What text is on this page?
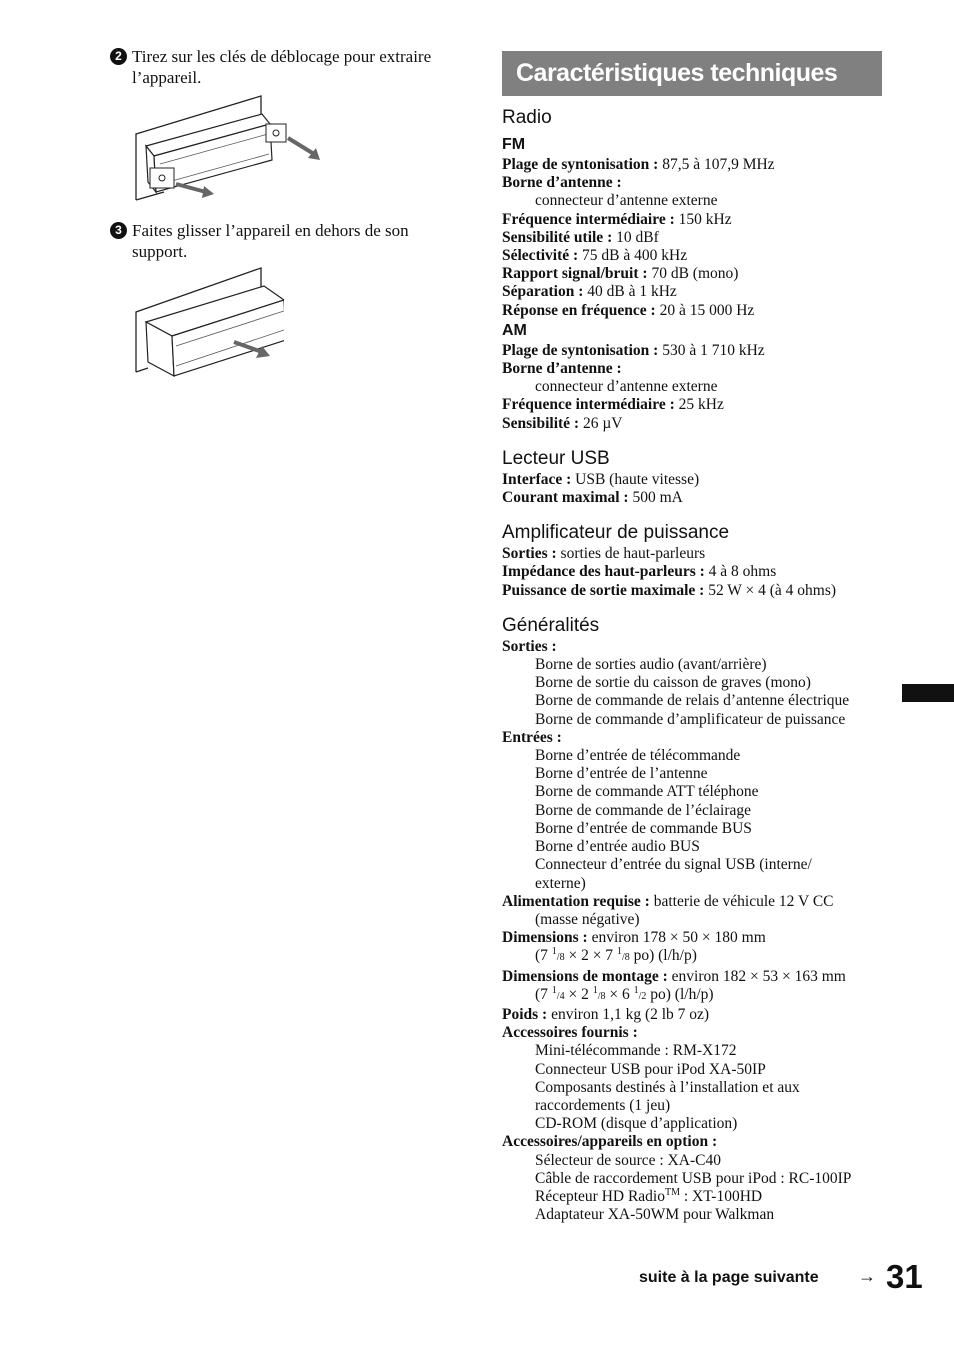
2 Tirez sur les clés de déblocage pour extraire l’appareil.
3 Faites glisser l’appareil en dehors de son support.
Caractéristiques techniques
Radio
FM
Plage de syntonisation : 87,5 à 107,9 MHz
Borne d’antenne :
connecteur d’antenne externe
Fréquence intermédiaire : 150 kHz
Sensibilité utile : 10 dBf
Sélectivité : 75 dB à 400 kHz
Rapport signal/bruit : 70 dB (mono)
Séparation : 40 dB à 1 kHz
Réponse en fréquence : 20 à 15 000 Hz
AM
Plage de syntonisation : 530 à 1 710 kHz
Borne d’antenne :
connecteur d’antenne externe
Fréquence intermédiaire : 25 kHz
Sensibilité : 26 µV
Lecteur USB
Interface : USB (haute vitesse)
Courant maximal : 500 mA
Amplificateur de puissance
Sorties : sorties de haut-parleurs
Impédance des haut-parleurs : 4 à 8 ohms
Puissance de sortie maximale : 52 W × 4 (à 4 ohms)
Généralités
Sorties :
Borne de sorties audio (avant/arrière)
Borne de sortie du caisson de graves (mono)
Borne de commande de relais d’antenne électrique
Borne de commande d’amplificateur de puissance
Entrées :
Borne d’entrée de télécommande
Borne d’entrée de l’antenne
Borne de commande ATT téléphone
Borne de commande de l’éclairage
Borne d’entrée de commande BUS
Borne d’entrée audio BUS
Connecteur d’entrée du signal USB (interne/
externe)
Alimentation requise : batterie de véhicule 12 V CC
(masse négative)
Dimensions : environ 178 × 50 × 180 mm
(7 $^1$/8 × 2 × 7 $^1$/8 po) (l/h/p)
Dimensions de montage : environ 182 × 53 × 163 mm
(7 $^1$/4 × 2 $^1$/8 × 6 $^1$/2 po) (l/h/p)
Poids : environ 1,1 kg (2 lb 7 oz)
Accessoires fournis :
Mini-télécommande : RM-X172
Connecteur USB pour iPod XA-50IP
Composants destinés à l’installation et aux
raccordements (1 jeu)
CD-ROM (disque d’application)
Accessoires/appareils en option :
Sélecteur de source : XA-C40
Câble de raccordement USB pour iPod : RC-100IP
Récepteur HD Radio™ : XT-100HD
Adaptateur XA-50WM pour Walkman
suite à la page suivante → 31
